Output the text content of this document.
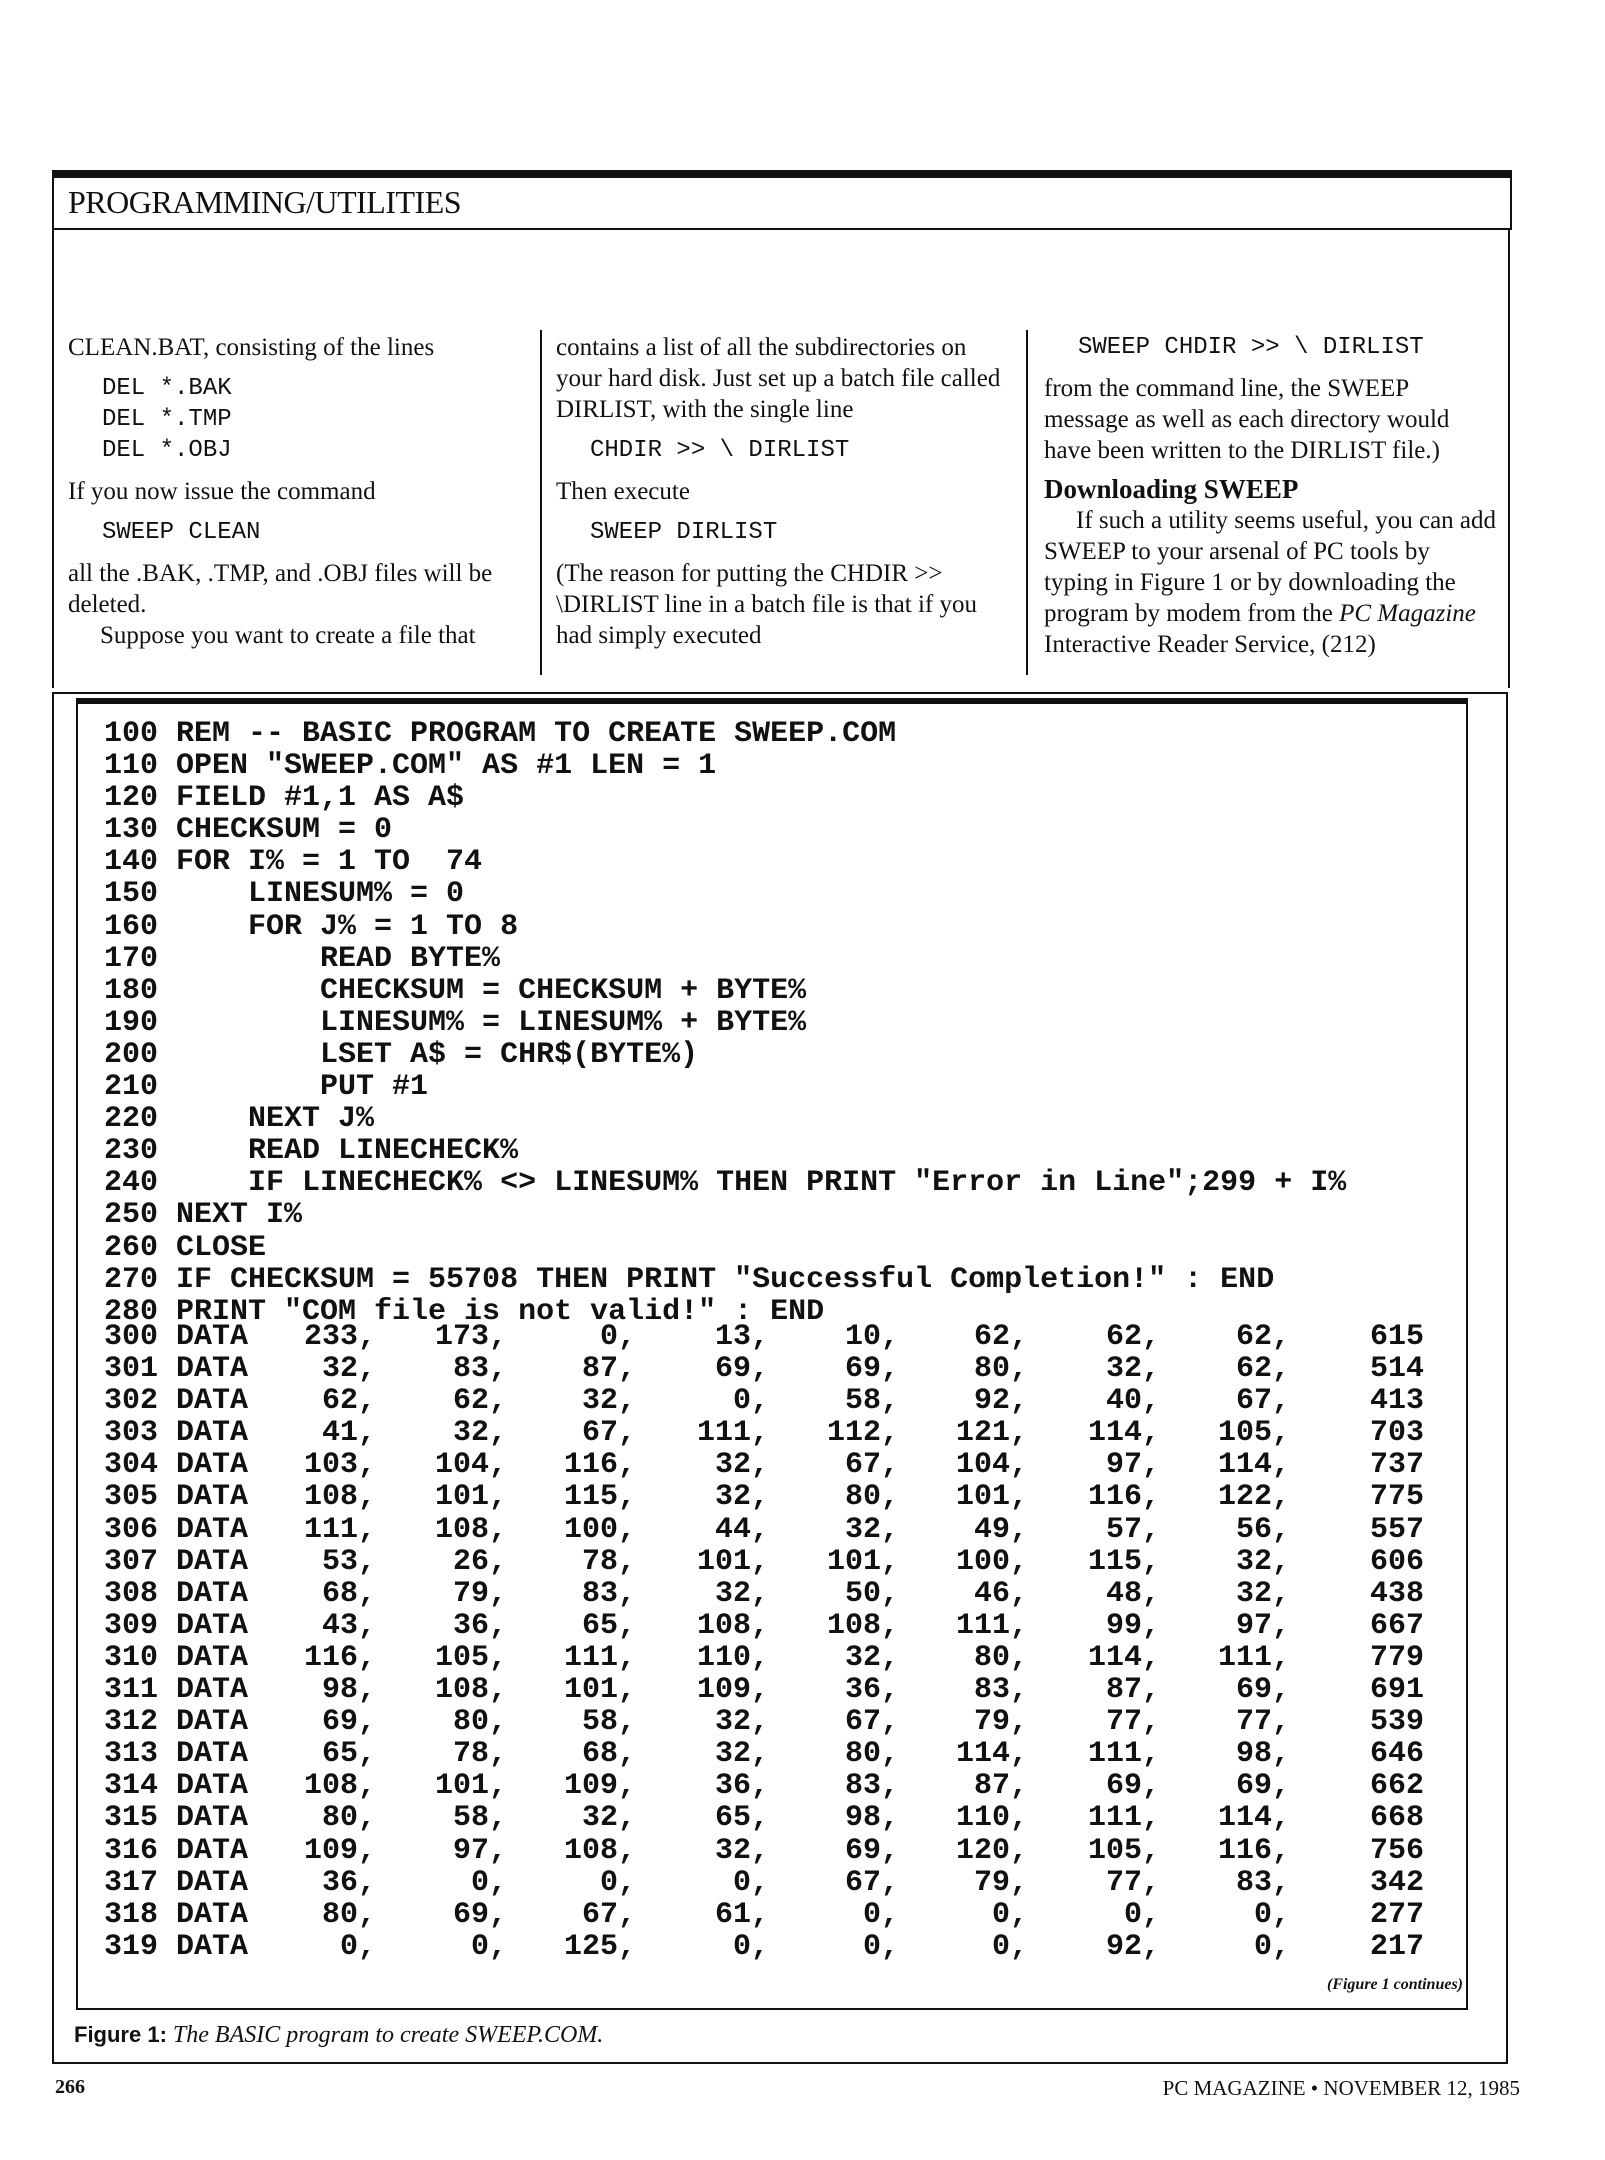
PROGRAMMING/UTILITIES

CLEAN.BAT, consisting of the lines

DEL *.BAK
DEL *.TMP
DEL *.OBJ

If you now issue the command

SWEEP CLEAN

all the .BAK, .TMP, and .OBJ files will be deleted.

Suppose you want to create a file that

contains a list of all the subdirectories on your hard disk. Just set up a batch file called DIRLIST, with the single line

CHDIR >> \ DIRLIST

Then execute

SWEEP DIRLIST

(The reason for putting the CHDIR >> \DIRLIST line in a batch file is that if you had simply executed

SWEEP CHDIR >> \ DIRLIST

from the command line, the SWEEP message as well as each directory would have been written to the DIRLIST file.)

Downloading SWEEP

If such a utility seems useful, you can add SWEEP to your arsenal of PC tools by typing in Figure 1 or by downloading the program by modem from the PC Magazine Interactive Reader Service, (212)

100 REM -- BASIC PROGRAM TO CREATE SWEEP.COM
110 OPEN "SWEEP.COM" AS #1 LEN = 1
120 FIELD #1,1 AS A$
130 CHECKSUM = 0
140 FOR I% = 1 TO  74
150     LINESUM% = 0
160     FOR J% = 1 TO 8
170         READ BYTE%
180         CHECKSUM = CHECKSUM + BYTE%
190         LINESUM% = LINESUM% + BYTE%
200         LSET A$ = CHR$(BYTE%)
210         PUT #1
220     NEXT J%
230     READ LINECHECK%
240     IF LINECHECK% <> LINESUM% THEN PRINT "Error in Line";299 + I%
250 NEXT I%
260 CLOSE
270 IF CHECKSUM = 55708 THEN PRINT "Successful Completion!" : END
280 PRINT "COM file is not valid!" : END
300 DATA 233, 173,	0,	13,	10, 62,	62,	62,	615
301 DATA 32,	83, 87,	69,	69, 80,	32,	62,	514
302 DATA 62,	62, 32,	0,	58, 92,	40,	67,	413
303 DATA 41,	32, 67, 111, 112, 121, 114, 105,	703
304 DATA 103, 104, 116,	32,	67, 104,	97, 114,	737
305 DATA 108, 101, 115,	32,	80, 101, 116, 122,	775
306 DATA 111, 108, 100,	44,	32, 49,	57,	56,	557
307 DATA 53,	26, 78, 101, 101, 100, 115,	32,	606
308 DATA 68,	79, 83,	32,	50, 46,	48,	32,	438
309 DATA 43,	36, 65, 108, 108, 111,	99,	97,	667
310 DATA 116, 105, 111, 110,	32, 80, 114, 111,	779
311 DATA 98, 108, 101, 109,	36, 83,	87,	69,	691
312 DATA 69,	80, 58,	32,	67, 79,	77,	77,	539
313 DATA 65,	78, 68,	32,	80, 114, 111,	98,	646
314 DATA 108, 101, 109,	36,	83, 87,	69,	69,	662
315 DATA 80,	58, 32,	65,	98, 110, 111, 114,	668
316 DATA 109,	97, 108,	32,	69, 120, 105, 116,	756
317 DATA 36,	0,	0,	0,	67, 79,	77,	83,	342
318 DATA 80,	69, 67,	61,	0,	0,	0,	0,	277
319 DATA	0,	0, 125,	0,	0,	0,	92,	0,	217
(Figure 1 continues)
Figure 1: The BASIC program to create SWEEP.COM.
266	PC MAGAZINE • NOVEMBER 12, 1985
